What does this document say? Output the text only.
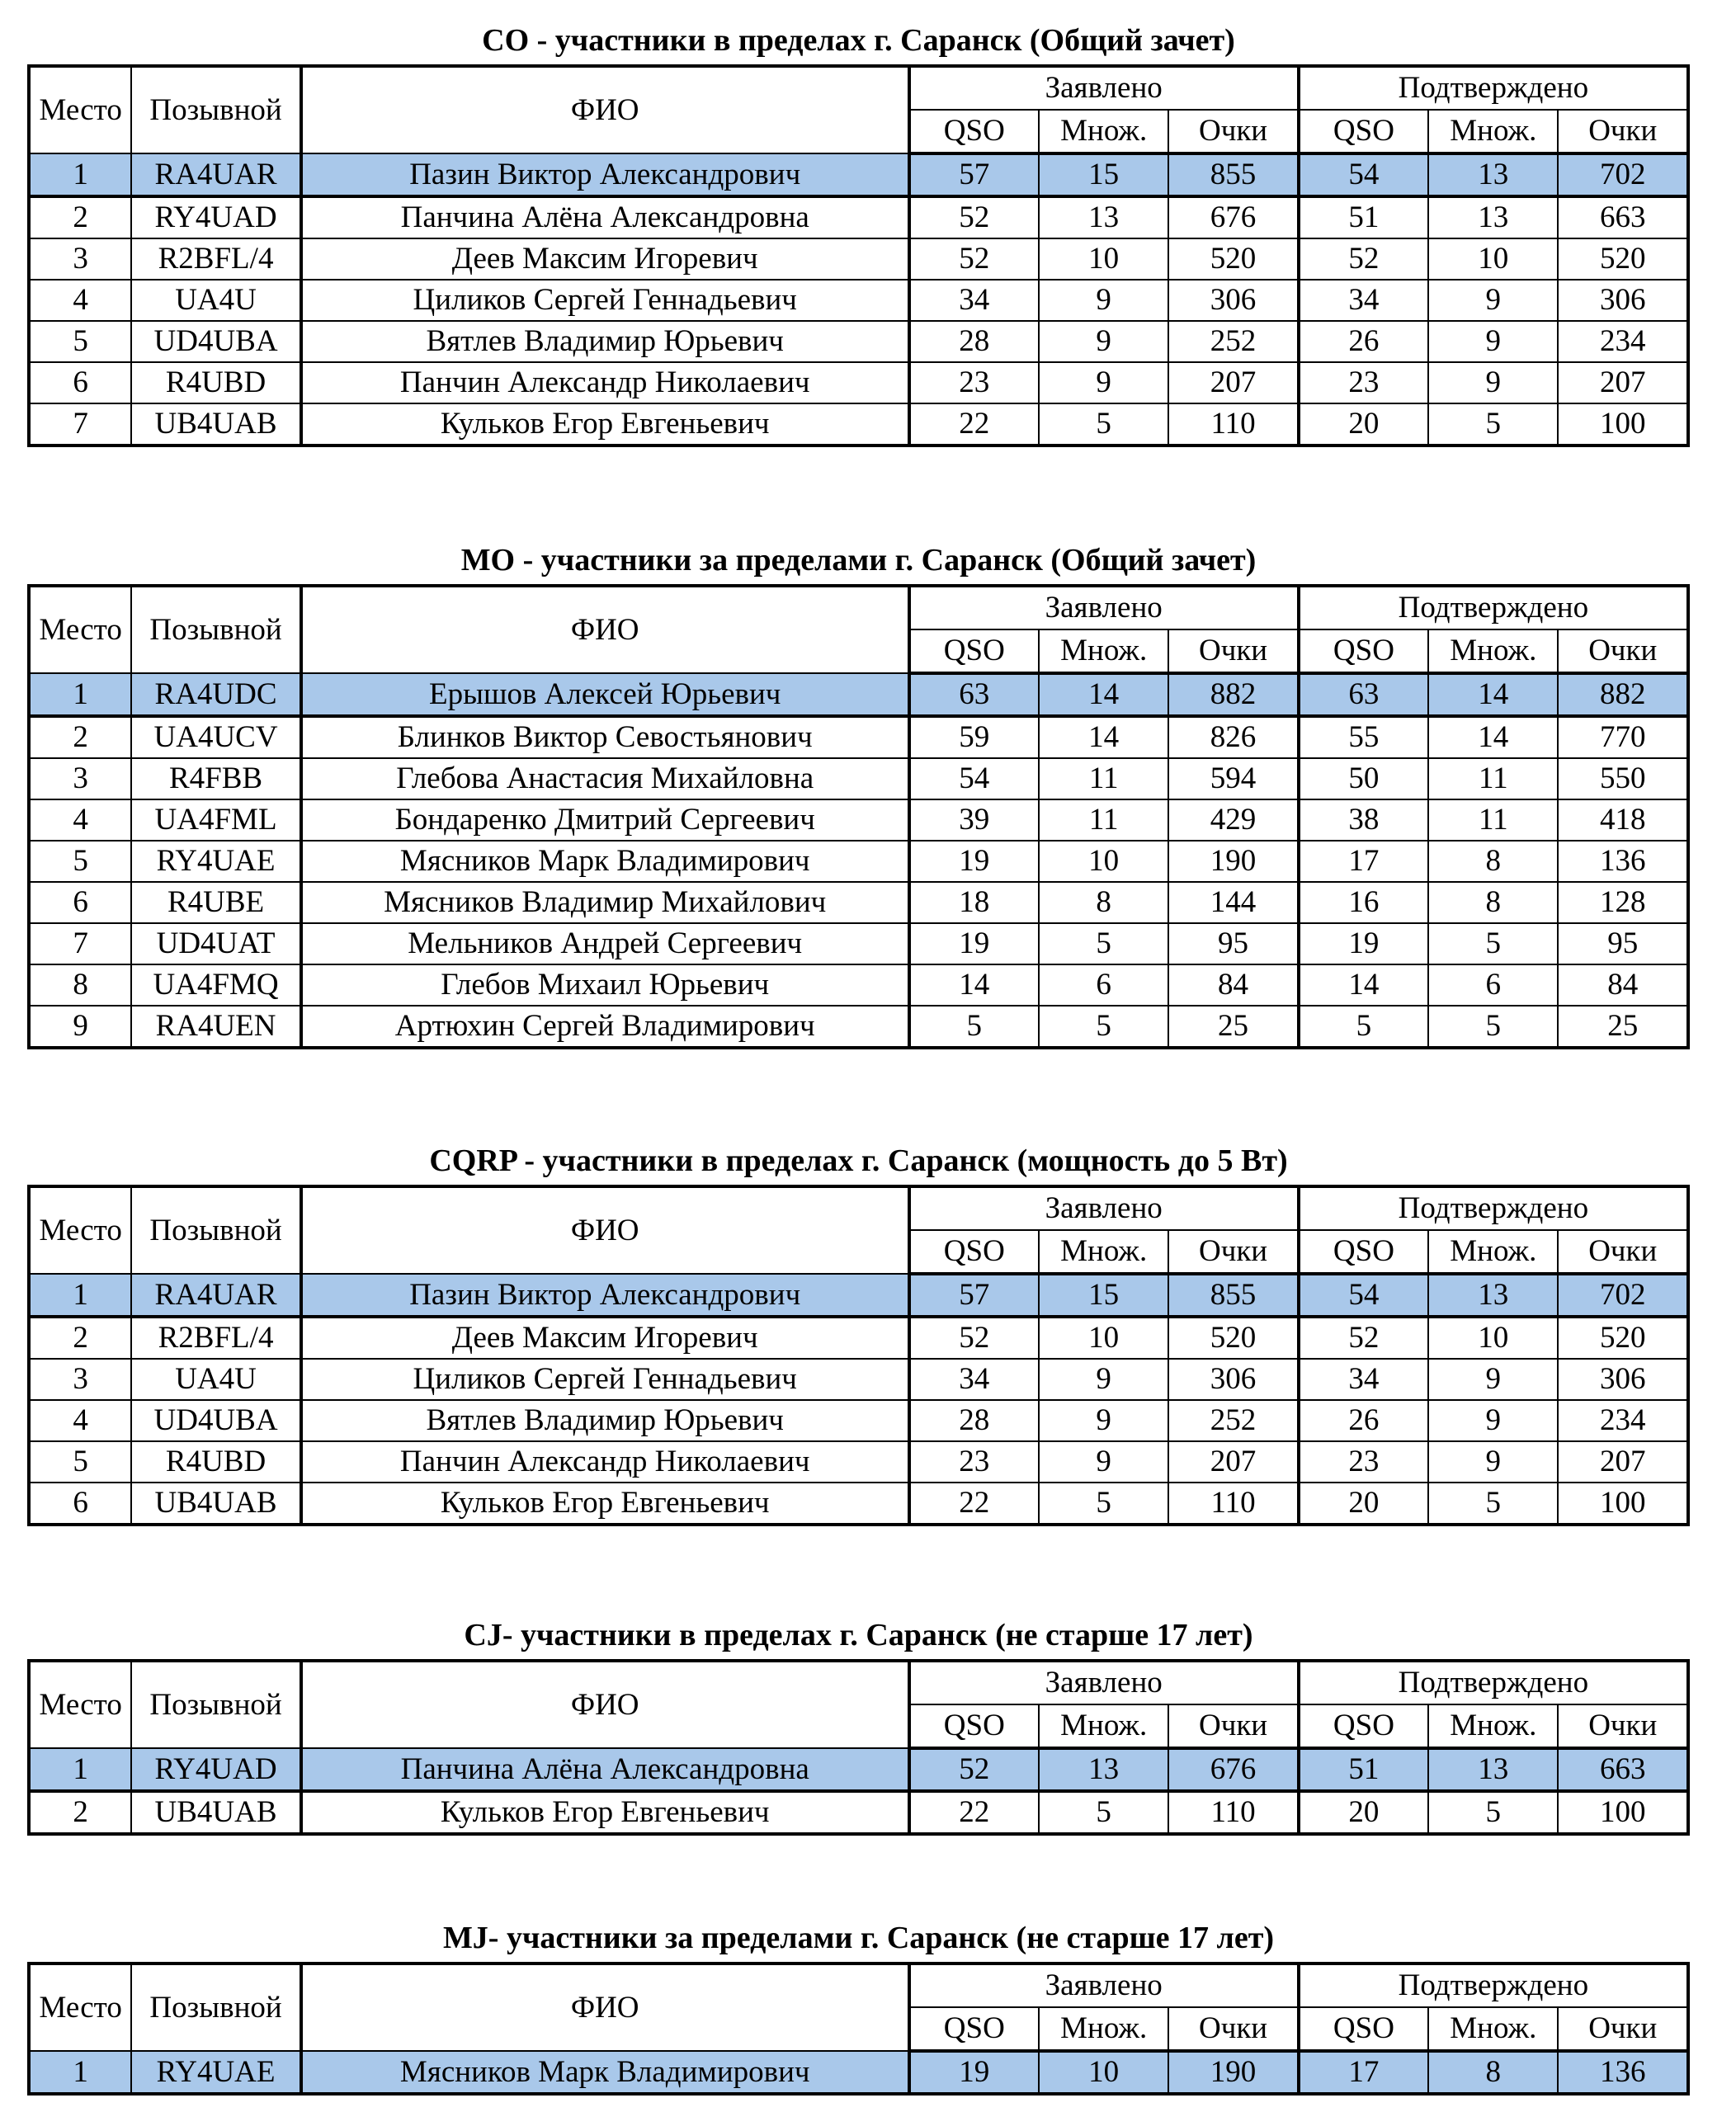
CO - участники в пределах г. Саранск (Общий зачет)
Место	Позывной	ФИО	Заявлено			Подтверждено		
			QSO	Множ.	Очки	QSO	Множ.	Очки
1	RA4UAR	Пазин Виктор Александрович	57	15	855	54	13	702
2	RY4UAD	Панчина Алёна Александровна	52	13	676	51	13	663
3	R2BFL/4	Деев Максим Игоревич	52	10	520	52	10	520
4	UA4U	Циликов Сергей Геннадьевич	34	9	306	34	9	306
5	UD4UBA	Вятлев Владимир Юрьевич	28	9	252	26	9	234
6	R4UBD	Панчин Александр Николаевич	23	9	207	23	9	207
7	UB4UAB	Кульков Егор Евгеньевич	22	5	110	20	5	100
MO - участники за пределами г. Саранск (Общий зачет)
Место	Позывной	ФИО	Заявлено			Подтверждено		
			QSO	Множ.	Очки	QSO	Множ.	Очки
1	RA4UDC	Ерышов Алексей Юрьевич	63	14	882	63	14	882
2	UA4UCV	Блинков Виктор Севостьянович	59	14	826	55	14	770
3	R4FBB	Глебова Анастасия Михайловна	54	11	594	50	11	550
4	UA4FML	Бондаренко Дмитрий Сергеевич	39	11	429	38	11	418
5	RY4UAE	Мясников Марк Владимирович	19	10	190	17	8	136
6	R4UBE	Мясников Владимир Михайлович	18	8	144	16	8	128
7	UD4UAT	Мельников Андрей Сергеевич	19	5	95	19	5	95
8	UA4FMQ	Глебов Михаил Юрьевич	14	6	84	14	6	84
9	RA4UEN	Артюхин Сергей Владимирович	5	5	25	5	5	25
CQRP - участники в пределах г. Саранск (мощность до 5 Вт)
Место	Позывной	ФИО	Заявлено			Подтверждено		
			QSO	Множ.	Очки	QSO	Множ.	Очки
1	RA4UAR	Пазин Виктор Александрович	57	15	855	54	13	702
2	R2BFL/4	Деев Максим Игоревич	52	10	520	52	10	520
3	UA4U	Циликов Сергей Геннадьевич	34	9	306	34	9	306
4	UD4UBA	Вятлев Владимир Юрьевич	28	9	252	26	9	234
5	R4UBD	Панчин Александр Николаевич	23	9	207	23	9	207
6	UB4UAB	Кульков Егор Евгеньевич	22	5	110	20	5	100
CJ- участники в пределах г. Саранск (не старше 17 лет)
Место	Позывной	ФИО	Заявлено			Подтверждено		
			QSO	Множ.	Очки	QSO	Множ.	Очки
1	RY4UAD	Панчина Алёна Александровна	52	13	676	51	13	663
2	UB4UAB	Кульков Егор Евгеньевич	22	5	110	20	5	100
MJ- участники за пределами г. Саранск (не старше 17 лет)
Место	Позывной	ФИО	Заявлено			Подтверждено		
			QSO	Множ.	Очки	QSO	Множ.	Очки
1	RY4UAE	Мясников Марк Владимирович	19	10	190	17	8	136
